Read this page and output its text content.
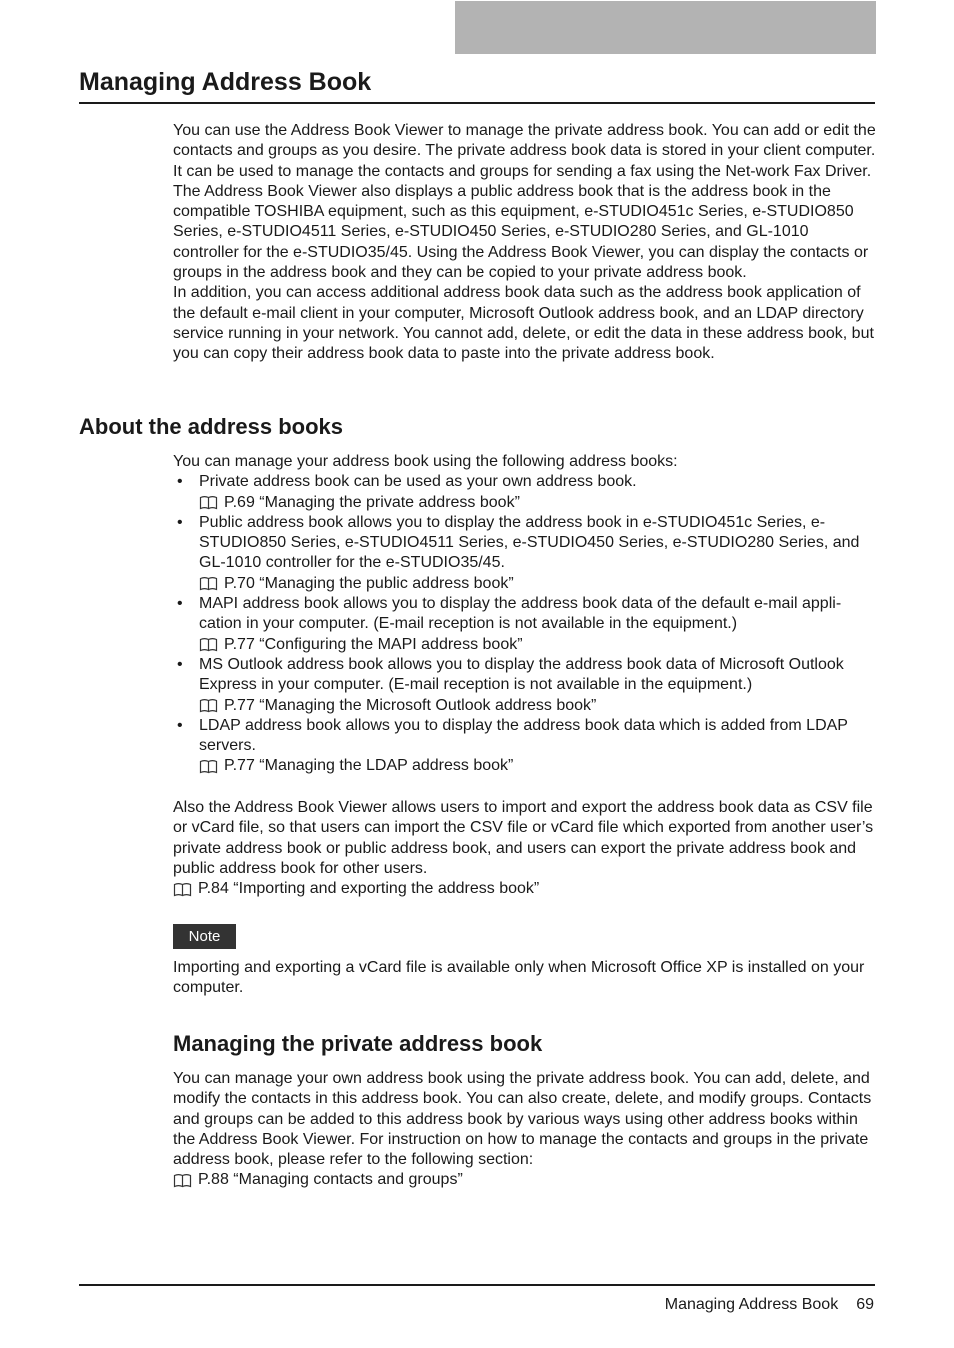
Managing Address Book

You can use the Address Book Viewer to manage the private address book. You can add or edit the contacts and groups as you desire. The private address book data is stored in your client computer. It can be used to manage the contacts and groups for sending a fax using the Net-work Fax Driver.

The Address Book Viewer also displays a public address book that is the address book in the compatible TOSHIBA equipment, such as this equipment, e-STUDIO451c Series, e-STUDIO850 Series, e-STUDIO4511 Series, e-STUDIO450 Series, e-STUDIO280 Series, and GL-1010 controller for the e-STUDIO35/45. Using the Address Book Viewer, you can display the contacts or groups in the address book and they can be copied to your private address book.

In addition, you can access additional address book data such as the address book application of the default e-mail client in your computer, Microsoft Outlook address book, and an LDAP directory service running in your network. You cannot add, delete, or edit the data in these address book, but you can copy their address book data to paste into the private address book.

About the address books

You can manage your address book using the following address books:

• Private address book can be used as your own address book.
P.69 “Managing the private address book”
• Public address book allows you to display the address book in e-STUDIO451c Series, e-STUDIO850 Series, e-STUDIO4511 Series, e-STUDIO450 Series, e-STUDIO280 Series, and GL-1010 controller for the e-STUDIO35/45.
P.70 “Managing the public address book”
• MAPI address book allows you to display the address book data of the default e-mail appli-cation in your computer. (E-mail reception is not available in the equipment.)
P.77 “Configuring the MAPI address book”
• MS Outlook address book allows you to display the address book data of Microsoft Outlook Express in your computer. (E-mail reception is not available in the equipment.)
P.77 “Managing the Microsoft Outlook address book”
• LDAP address book allows you to display the address book data which is added from LDAP servers.
P.77 “Managing the LDAP address book”

Also the Address Book Viewer allows users to import and export the address book data as CSV file or vCard file, so that users can import the CSV file or vCard file which exported from another user’s private address book or public address book, and users can export the private address book and public address book for other users.

P.84 “Importing and exporting the address book”
Note

Importing and exporting a vCard file is available only when Microsoft Office XP is installed on your computer.

Managing the private address book

You can manage your own address book using the private address book. You can add, delete, and modify the contacts in this address book. You can also create, delete, and modify groups. Contacts and groups can be added to this address book by various ways using other address books within the Address Book Viewer. For instruction on how to manage the contacts and groups in the private address book, please refer to the following section:

P.88 “Managing contacts and groups”
Managing Address Book 69
